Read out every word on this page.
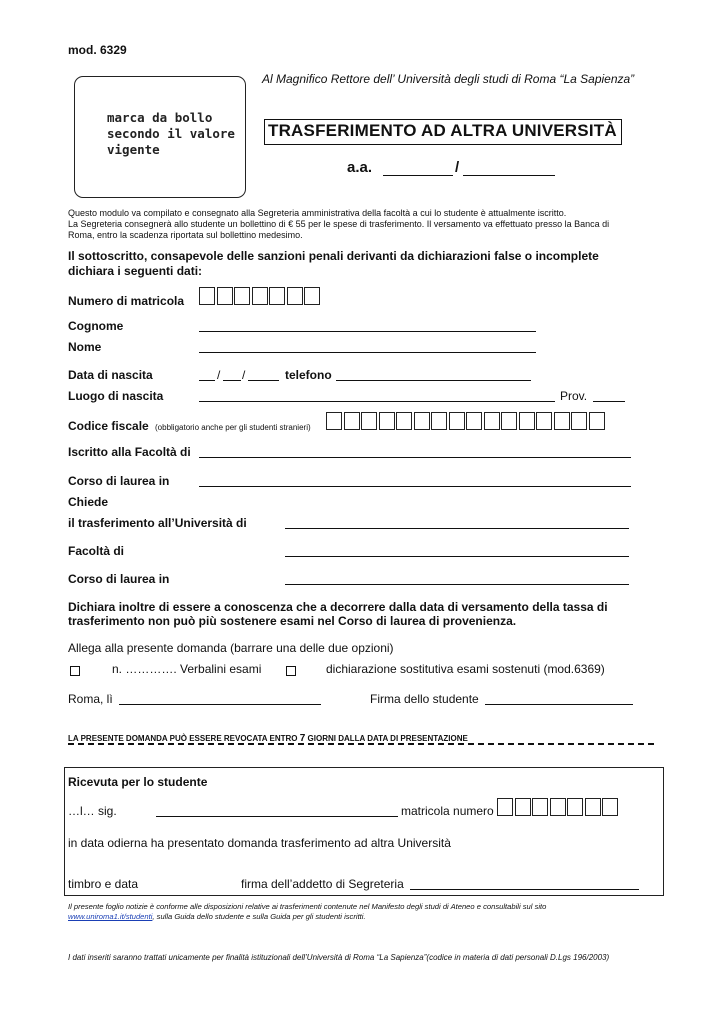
mod. 6329
Al Magnifico Rettore dell’ Università degli studi di Roma “La Sapienza”
marca da bollo
secondo il valore
vigente
TRASFERIMENTO AD ALTRA UNIVERSITÀ
a.a.	/
Questo modulo va compilato e consegnato alla Segreteria amministrativa della facoltà a cui lo studente è attualmente iscritto.
La Segreteria consegnerà allo studente un bollettino di € 55 per le spese di trasferimento. Il versamento va effettuato presso la Banca di
Roma, entro la scadenza riportata sul bollettino medesimo.
Il sottoscritto, consapevole delle sanzioni penali derivanti da dichiarazioni false o incomplete
dichiara i seguenti dati:
Numero di matricola
Cognome
Nome
Data di nascita	/ /	telefono
Luogo di nascita	Prov.
Codice fiscale (obbligatorio anche per gli studenti stranieri)
Iscritto alla Facoltà di
Corso di laurea in
Chiede
il trasferimento all’Università di
Facoltà di
Corso di laurea in
Dichiara inoltre di essere a conoscenza che a decorrere dalla data di versamento della tassa di
trasferimento non può più sostenere esami nel Corso di laurea di provenienza.
Allega alla presente domanda (barrare una delle due opzioni)
n. …………. Verbalini esami	dichiarazione sostitutiva esami sostenuti (mod.6369)
Roma, lì	Firma dello studente
LA PRESENTE DOMANDA PUÒ ESSERE REVOCATA ENTRO 7 GIORNI DALLA DATA DI PRESENTAZIONE
Ricevuta per lo studente
…l… sig.	matricola numero
in data odierna ha presentato domanda trasferimento ad altra Università
timbro e data	firma dell’addetto di Segreteria
Il presente foglio notizie è conforme alle disposizioni relative ai trasferimenti contenute nel Manifesto degli studi di Ateneo e consultabili sul sito
www.uniroma1.it/studenti, sulla Guida dello studente e sulla Guida per gli studenti iscritti.
I dati inseriti saranno trattati unicamente per finalità istituzionali dell’Università di Roma “La Sapienza”(codice in materia di dati personali D.Lgs 196/2003)
